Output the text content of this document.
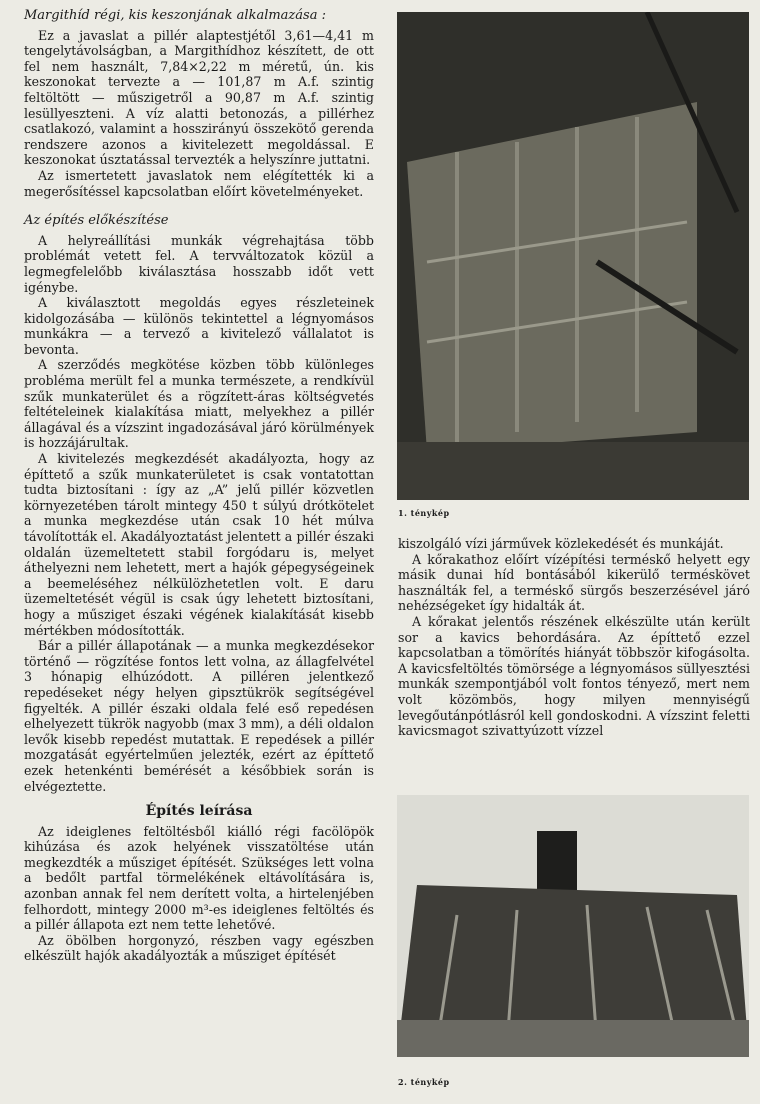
Margithíd régi, kis keszonjának alkalmazása :

Ez a javaslat a pillér alaptestjétől 3,61—4,41 m tengelytávolságban, a Margithídhoz készített, de ott fel nem használt, 7,84×2,22 m méretű, ún. kis keszonokat tervezte a — 101,87 m A.f. szintig feltöltött — műszigetről a 90,87 m A.f. szintig lesüllyeszteni. A víz alatti betonozás, a pillérhez csatlakozó, valamint a hosszirányú összekötő gerenda rendszere azonos a kivitelezett megoldással. E keszonokat úsztatással tervezték a helyszínre juttatni.

Az ismertetett javaslatok nem elégítették ki a megerősítéssel kapcsolatban előírt követelményeket.

Az építés előkészítése

A helyreállítási munkák végrehajtása több problémát vetett fel. A tervváltozatok közül a legmegfelelőbb kiválasztása hosszabb időt vett igénybe.

A kiválasztott megoldás egyes részleteinek kidolgozásába — különös tekintettel a légnyomásos munkákra — a tervező a kivitelező vállalatot is bevonta.

A szerződés megkötése közben több különleges probléma merült fel a munka természete, a rendkívül szűk munkaterület és a rögzített-áras költségvetés feltételeinek kialakítása miatt, melyekhez a pillér állagával és a vízszint ingadozásával járó körülmények is hozzájárultak.

A kivitelezés megkezdését akadályozta, hogy az építtető a szűk munkaterületet is csak vontatottan tudta biztosítani : így az „A” jelű pillér közvetlen környezetében tárolt mintegy 450 t súlyú drótkötelet a munka megkezdése után csak 10 hét múlva távolították el. Akadályoztatást jelentett a pillér északi oldalán üzemeltetett stabil forgódaru is, melyet áthelyezni nem lehetett, mert a hajók gépegységeinek a beemeléséhez nélkülözhetetlen volt. E daru üzemeltetését végül is csak úgy lehetett biztosítani, hogy a műsziget északi végének kialakítását kisebb mértékben módosították.

Bár a pillér állapotának — a munka megkezdésekor történő — rögzítése fontos lett volna, az állagfelvétel 3 hónapig elhúzódott. A pilléren jelentkező repedéseket négy helyen gipsztükrök segítségével figyelték. A pillér északi oldala felé eső repedésen elhelyezett tükrök nagyobb (max 3 mm), a déli oldalon levők kisebb repedést mutattak. E repedések a pillér mozgatását egyértelműen jelezték, ezért az építtető ezek hetenkénti bemérését a későbbiek során is elvégeztette.

Építés leírása

Az ideiglenes feltöltésből kiálló régi facölöpök kihúzása és azok helyének visszatöltése után megkezdték a műsziget építését. Szükséges lett volna a bedőlt partfal törmelékének eltávolítására is, azonban annak fel nem derített volta, a hirtelenjében felhordott, mintegy 2000 m³-es ideiglenes feltöltés és a pillér állapota ezt nem tette lehetővé.

Az öbölben horgonyzó, részben vagy egészben elkészült hajók akadályozták a műsziget építését

1. ténykép

kiszolgáló vízi járművek közlekedését és munkáját.

A kőrakathoz előírt vízépítési terméskő helyett egy másik dunai híd bontásából kikerülő terméskövet használták fel, a terméskő sürgős beszerzésével járó nehézségeket így hidalták át.

A kőrakat jelentős részének elkészülte után került sor a kavics behordására. Az építtető ezzel kapcsolatban a tömörítés hiányát többször kifogásolta. A kavicsfeltöltés tömörsége a légnyomásos süllyesztési munkák szempontjából volt fontos tényező, mert nem volt közömbös, hogy milyen mennyiségű levegőutánpótlásról kell gondoskodni. A vízszint feletti kavicsmagot szivattyúzott vízzel

2. ténykép
